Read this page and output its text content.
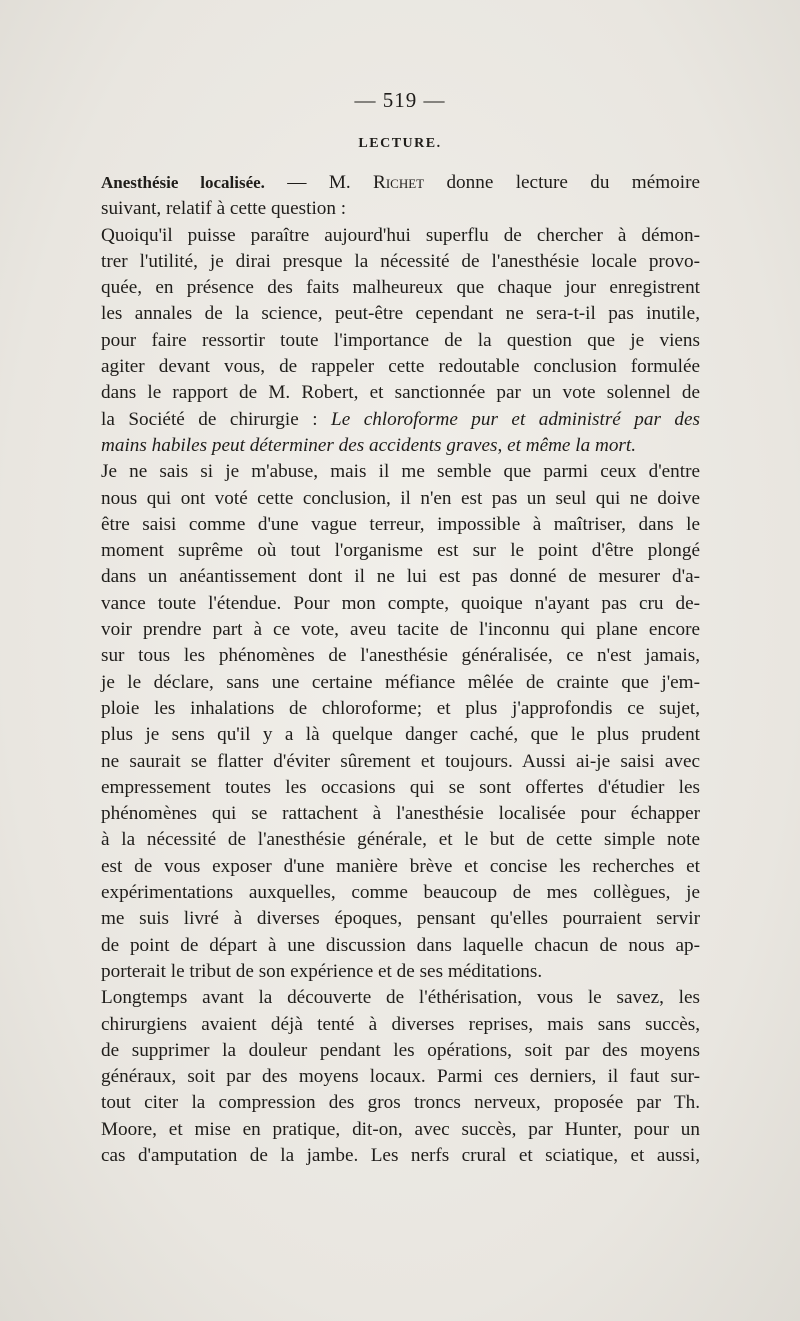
— 519 —
LECTURE.
Anesthésie localisée. — M. Richet donne lecture du mémoire
suivant, relatif à cette question :
Quoiqu'il puisse paraître aujourd'hui superflu de chercher à démon-
trer l'utilité, je dirai presque la nécessité de l'anesthésie locale provo-
quée, en présence des faits malheureux que chaque jour enregistrent
les annales de la science, peut-être cependant ne sera-t-il pas inutile,
pour faire ressortir toute l'importance de la question que je viens
agiter devant vous, de rappeler cette redoutable conclusion formulée
dans le rapport de M. Robert, et sanctionnée par un vote solennel de
la Société de chirurgie : Le chloroforme pur et administré par des
mains habiles peut déterminer des accidents graves, et même la mort.
Je ne sais si je m'abuse, mais il me semble que parmi ceux d'entre
nous qui ont voté cette conclusion, il n'en est pas un seul qui ne doive
être saisi comme d'une vague terreur, impossible à maîtriser, dans le
moment suprême où tout l'organisme est sur le point d'être plongé
dans un anéantissement dont il ne lui est pas donné de mesurer d'a-
vance toute l'étendue. Pour mon compte, quoique n'ayant pas cru de-
voir prendre part à ce vote, aveu tacite de l'inconnu qui plane encore
sur tous les phénomènes de l'anesthésie généralisée, ce n'est jamais,
je le déclare, sans une certaine méfiance mêlée de crainte que j'em-
ploie les inhalations de chloroforme; et plus j'approfondis ce sujet,
plus je sens qu'il y a là quelque danger caché, que le plus prudent
ne saurait se flatter d'éviter sûrement et toujours. Aussi ai-je saisi avec
empressement toutes les occasions qui se sont offertes d'étudier les
phénomènes qui se rattachent à l'anesthésie localisée pour échapper
à la nécessité de l'anesthésie générale, et le but de cette simple note
est de vous exposer d'une manière brève et concise les recherches et
expérimentations auxquelles, comme beaucoup de mes collègues, je
me suis livré à diverses époques, pensant qu'elles pourraient servir
de point de départ à une discussion dans laquelle chacun de nous ap-
porterait le tribut de son expérience et de ses méditations.
Longtemps avant la découverte de l'éthérisation, vous le savez, les
chirurgiens avaient déjà tenté à diverses reprises, mais sans succès,
de supprimer la douleur pendant les opérations, soit par des moyens
généraux, soit par des moyens locaux. Parmi ces derniers, il faut sur-
tout citer la compression des gros troncs nerveux, proposée par Th.
Moore, et mise en pratique, dit-on, avec succès, par Hunter, pour un
cas d'amputation de la jambe. Les nerfs crural et sciatique, et aussi,
